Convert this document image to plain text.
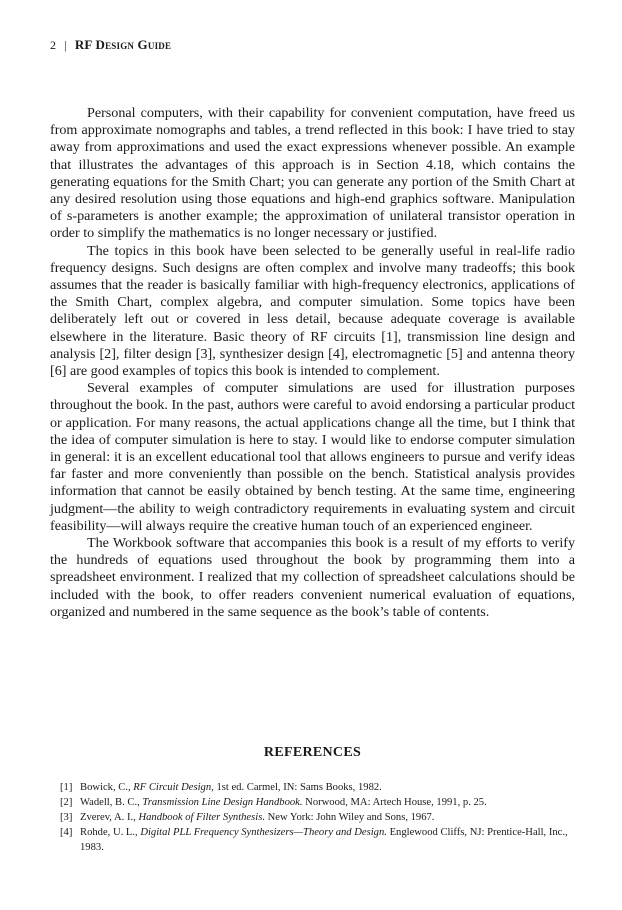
2 | RF Design Guide

Personal computers, with their capability for convenient computation, have freed us from approximate nomographs and tables, a trend reflected in this book: I have tried to stay away from approximations and used the exact expressions whenever possible. An example that illustrates the advantages of this approach is in Section 4.18, which contains the generating equations for the Smith Chart; you can generate any portion of the Smith Chart at any desired resolution using those equations and high-end graphics software. Manipulation of s-parameters is another example; the approximation of unilateral transistor operation in order to simplify the mathematics is no longer necessary or justified.

The topics in this book have been selected to be generally useful in real-life radio frequency designs. Such designs are often complex and involve many tradeoffs; this book assumes that the reader is basically familiar with high-frequency electronics, applications of the Smith Chart, complex algebra, and computer simulation. Some topics have been deliberately left out or covered in less detail, because adequate coverage is available elsewhere in the literature. Basic theory of RF circuits [1], transmission line design and analysis [2], filter design [3], synthesizer design [4], electromagnetic [5] and antenna theory [6] are good examples of topics this book is intended to complement.

Several examples of computer simulations are used for illustration purposes throughout the book. In the past, authors were careful to avoid endorsing a particular product or application. For many reasons, the actual applications change all the time, but I think that the idea of computer simulation is here to stay. I would like to endorse computer simulation in general: it is an excellent educational tool that allows engineers to pursue and verify ideas far faster and more conveniently than possible on the bench. Statistical analysis provides information that cannot be easily obtained by bench testing. At the same time, engineering judgment—the ability to weigh contradictory requirements in evaluating system and circuit feasibility—will always require the creative human touch of an experienced engineer.

The Workbook software that accompanies this book is a result of my efforts to verify the hundreds of equations used throughout the book by programming them into a spreadsheet environment. I realized that my collection of spreadsheet calculations should be included with the book, to offer readers convenient numerical evaluation of equations, organized and numbered in the same sequence as the book’s table of contents.

REFERENCES
[1] Bowick, C., RF Circuit Design, 1st ed. Carmel, IN: Sams Books, 1982.
[2] Wadell, B. C., Transmission Line Design Handbook. Norwood, MA: Artech House, 1991, p. 25.
[3] Zverev, A. I., Handbook of Filter Synthesis. New York: John Wiley and Sons, 1967.
[4] Rohde, U. L., Digital PLL Frequency Synthesizers—Theory and Design. Englewood Cliffs, NJ: Prentice-Hall, Inc., 1983.
